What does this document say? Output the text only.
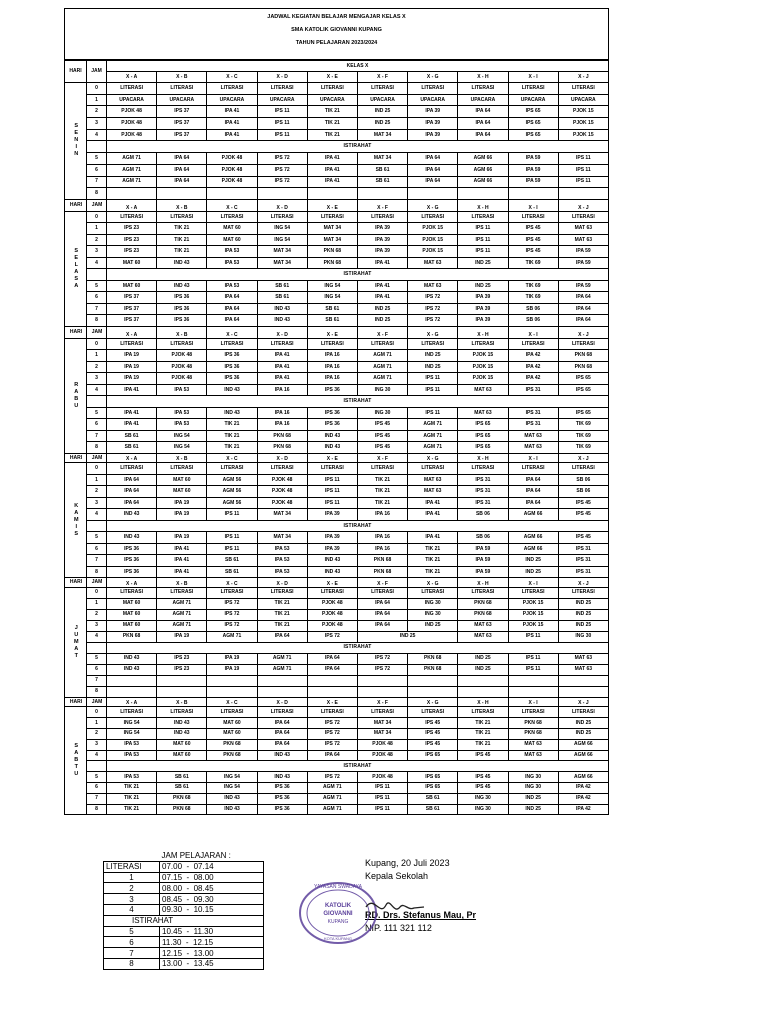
JADWAL KEGIATAN BELAJAR MENGAJAR KELAS X
SMA KATOLIK GIOVANNI KUPANG
TAHUN PELAJARAN 2023/2024
HARI	JAM	KELAS X									
		X - A	X - B	X - C	X - D	X - E	X - F	X - G	X - H	X - I	X - J
SENIN	0	LITERASI	LITERASI	LITERASI	LITERASI	LITERASI	LITERASI	LITERASI	LITERASI	LITERASI	LITERASI
	1	UPACARA	UPACARA	UPACARA	UPACARA	UPACARA	UPACARA	UPACARA	UPACARA	UPACARA	UPACARA
	2	PJOK 48	IPS 37	IPA 41	IPS 11	TIK 21	IND 25	IPA 39	IPA 64	IPS 65	PJOK 15
	3	PJOK 48	IPS 37	IPA 41	IPS 11	TIK 21	IND 25	IPA 39	IPA 64	IPS 65	PJOK 15
	4	PJOK 48	IPS 37	IPA 41	IPS 11	TIK 21	MAT 34	IPA 39	IPA 64	IPS 65	PJOK 15
		ISTIRAHAT									
	5	AGM 71	IPA 64	PJOK 48	IPS 72	IPA 41	MAT 34	IPA 64	AGM 66	IPA 59	IPS 11
	6	AGM 71	IPA 64	PJOK 48	IPS 72	IPA 41	SB 61	IPA 64	AGM 66	IPA 59	IPS 11
	7	AGM 71	IPA 64	PJOK 48	IPS 72	IPA 41	SB 61	IPA 64	AGM 66	IPA 59	IPS 11
	8										
HARI	JAM	X - A	X - B	X - C	X - D	X - E	X - F	X - G	X - H	X - I	X - J
SELASA	0	LITERASI	LITERASI	LITERASI	LITERASI	LITERASI	LITERASI	LITERASI	LITERASI	LITERASI	LITERASI
	1	IPS 23	TIK 21	MAT 60	ING 54	MAT 34	IPA 39	PJOK 15	IPS 11	IPS 45	MAT 63
	2	IPS 23	TIK 21	MAT 60	ING 54	MAT 34	IPA 39	PJOK 15	IPS 11	IPS 45	MAT 63
	3	IPS 23	TIK 21	IPA 53	MAT 34	PKN 68	IPA 39	PJOK 15	IPS 11	IPS 45	IPA 59
	4	MAT 60	IND 43	IPA 53	MAT 34	PKN 68	IPA 41	MAT 63	IND 25	TIK 69	IPA 59
		ISTIRAHAT									
	5	MAT 60	IND 43	IPA 53	SB 61	ING 54	IPA 41	MAT 63	IND 25	TIK 69	IPA 59
	6	IPS 37	IPS 36	IPA 64	SB 61	ING 54	IPA 41	IPS 72	IPA 39	TIK 69	IPA 64
	7	IPS 37	IPS 36	IPA 64	IND 43	SB 61	IND 25	IPS 72	IPA 39	SB 06	IPA 64
	8	IPS 37	IPS 36	IPA 64	IND 43	SB 61	IND 25	IPS 72	IPA 39	SB 06	IPA 64
HARI	JAM	X - A	X - B	X - C	X - D	X - E	X - F	X - G	X - H	X - I	X - J
RABU	0	LITERASI	LITERASI	LITERASI	LITERASI	LITERASI	LITERASI	LITERASI	LITERASI	LITERASI	LITERASI
	1	IPA 19	PJOK 48	IPS 36	IPA 41	IPA 16	AGM 71	IND 25	PJOK 15	IPA 42	PKN 68
	2	IPA 19	PJOK 48	IPS 36	IPA 41	IPA 16	AGM 71	IND 25	PJOK 15	IPA 42	PKN 68
	3	IPA 19	PJOK 48	IPS 36	IPA 41	IPA 16	AGM 71	IPS 11	PJOK 15	IPA 42	IPS 65
	4	IPA 41	IPA 53	IND 43	IPA 16	IPS 36	ING 30	IPS 11	MAT 63	IPS 31	IPS 65
		ISTIRAHAT									
	5	IPA 41	IPA 53	IND 43	IPA 16	IPS 36	ING 30	IPS 11	MAT 63	IPS 31	IPS 65
	6	IPA 41	IPA 53	TIK 21	IPA 16	IPS 36	IPS 45	AGM 71	IPS 65	IPS 31	TIK 69
	7	SB 61	ING 54	TIK 21	PKN 68	IND 43	IPS 45	AGM 71	IPS 65	MAT 63	TIK 69
	8	SB 61	ING 54	TIK 21	PKN 68	IND 43	IPS 45	AGM 71	IPS 65	MAT 63	TIK 69
HARI	JAM	X - A	X - B	X - C	X - D	X - E	X - F	X - G	X - H	X - I	X - J
KAMIS	0	LITERASI	LITERASI	LITERASI	LITERASI	LITERASI	LITERASI	LITERASI	LITERASI	LITERASI	LITERASI
	1	IPA 64	MAT 60	AGM 56	PJOK 48	IPS 11	TIK 21	MAT 63	IPS 31	IPA 64	SB 06
	2	IPA 64	MAT 60	AGM 56	PJOK 48	IPS 11	TIK 21	MAT 63	IPS 31	IPA 64	SB 06
	3	IPA 64	IPA 19	AGM 56	PJOK 48	IPS 11	TIK 21	IPA 41	IPS 31	IPA 64	IPS 45
	4	IND 43	IPA 19	IPS 11	MAT 34	IPA 39	IPA 16	IPA 41	SB 06	AGM 66	IPS 45
		ISTIRAHAT									
	5	IND 43	IPA 19	IPS 11	MAT 34	IPA 39	IPA 16	IPA 41	SB 06	AGM 66	IPS 45
	6	IPS 36	IPA 41	IPS 11	IPA 53	IPA 39	IPA 16	TIK 21	IPA 59	AGM 66	IPS 31
	7	IPS 36	IPA 41	SB 61	IPA 53	IND 43	PKN 68	TIK 21	IPA 59	IND 25	IPS 31
	8	IPS 36	IPA 41	SB 61	IPA 53	IND 43	PKN 68	TIK 21	IPA 59	IND 25	IPS 31
HARI	JAM	X - A	X - B	X - C	X - D	X - E	X - F	X - G	X - H	X - I	X - J
JUMAT	0	LITERASI	LITERASI	LITERASI	LITERASI	LITERASI	LITERASI	LITERASI	LITERASI	LITERASI	LITERASI
	1	MAT 60	AGM 71	IPS 72	TIK 21	PJOK 48	IPA 64	ING 30	PKN 68	PJOK 15	IND 25
	2	MAT 60	AGM 71	IPS 72	TIK 21	PJOK 48	IPA 64	ING 30	PKN 68	PJOK 15	IND 25
	3	MAT 60	AGM 71	IPS 72	TIK 21	PJOK 48	IPA 64	IND 25	MAT 63	PJOK 15	IND 25
	4	PKN 68	IPA 19	AGM 71	IPA 64	IPS 72	IND 25		MAT 63	IPS 11	ING 30
		ISTIRAHAT									
	5	IND 43	IPS 23	IPA 19	AGM 71	IPA 64	IPS 72	PKN 68	IND 25	IPS 11	MAT 63
	6	IND 43	IPS 23	IPA 19	AGM 71	IPA 64	IPS 72	PKN 68	IND 25	IPS 11	MAT 63
	7										
	8										
HARI	JAM	X - A	X - B	X - C	X - D	X - E	X - F	X - G	X - H	X - I	X - J
SABTU	0	LITERASI	LITERASI	LITERASI	LITERASI	LITERASI	LITERASI	LITERASI	LITERASI	LITERASI	LITERASI
	1	ING 54	IND 43	MAT 60	IPA 64	IPS 72	MAT 34	IPS 45	TIK 21	PKN 68	IND 25
	2	ING 54	IND 43	MAT 60	IPA 64	IPS 72	MAT 34	IPS 45	TIK 21	PKN 68	IND 25
	3	IPA 53	MAT 60	PKN 68	IPA 64	IPS 72	PJOK 48	IPS 45	TIK 21	MAT 63	AGM 66
	4	IPA 53	MAT 60	PKN 68	IND 43	IPA 64	PJOK 48	IPS 65	IPS 45	MAT 63	AGM 66
		ISTIRAHAT									
	5	IPA 53	SB 61	ING 54	IND 43	IPS 72	PJOK 48	IPS 65	IPS 45	ING 30	AGM 66
	6	TIK 21	SB 61	ING 54	IPS 36	AGM 71	IPS 11	IPS 65	IPS 45	ING 30	IPA 42
	7	TIK 21	PKN 68	IND 43	IPS 36	AGM 71	IPS 11	SB 61	ING 30	IND 25	IPA 42
	8	TIK 21	PKN 68	IND 43	IPS 36	AGM 71	IPS 11	SB 61	ING 30	IND 25	IPA 42
	JAM PELAJARAN :
LITERASI	07.00  -  07.14
1	07.15  -  08.00
2	08.00  -  08.45
3	08.45  -  09.30
4	09.30  -  10.15
ISTIRAHAT	
5	10.45  -  11.30
6	11.30  -  12.15
7	12.15  -  13.00
8	13.00  -  13.45
Kupang, 20 Juli 2023
Kepala Sekolah
RD. Drs. Stefanus Mau, Pr
NIP. 111 321 112
YAYASAN SWADAYA
KATOLIK
GIOVANNI
KUPANG
KOTA KUPANG
